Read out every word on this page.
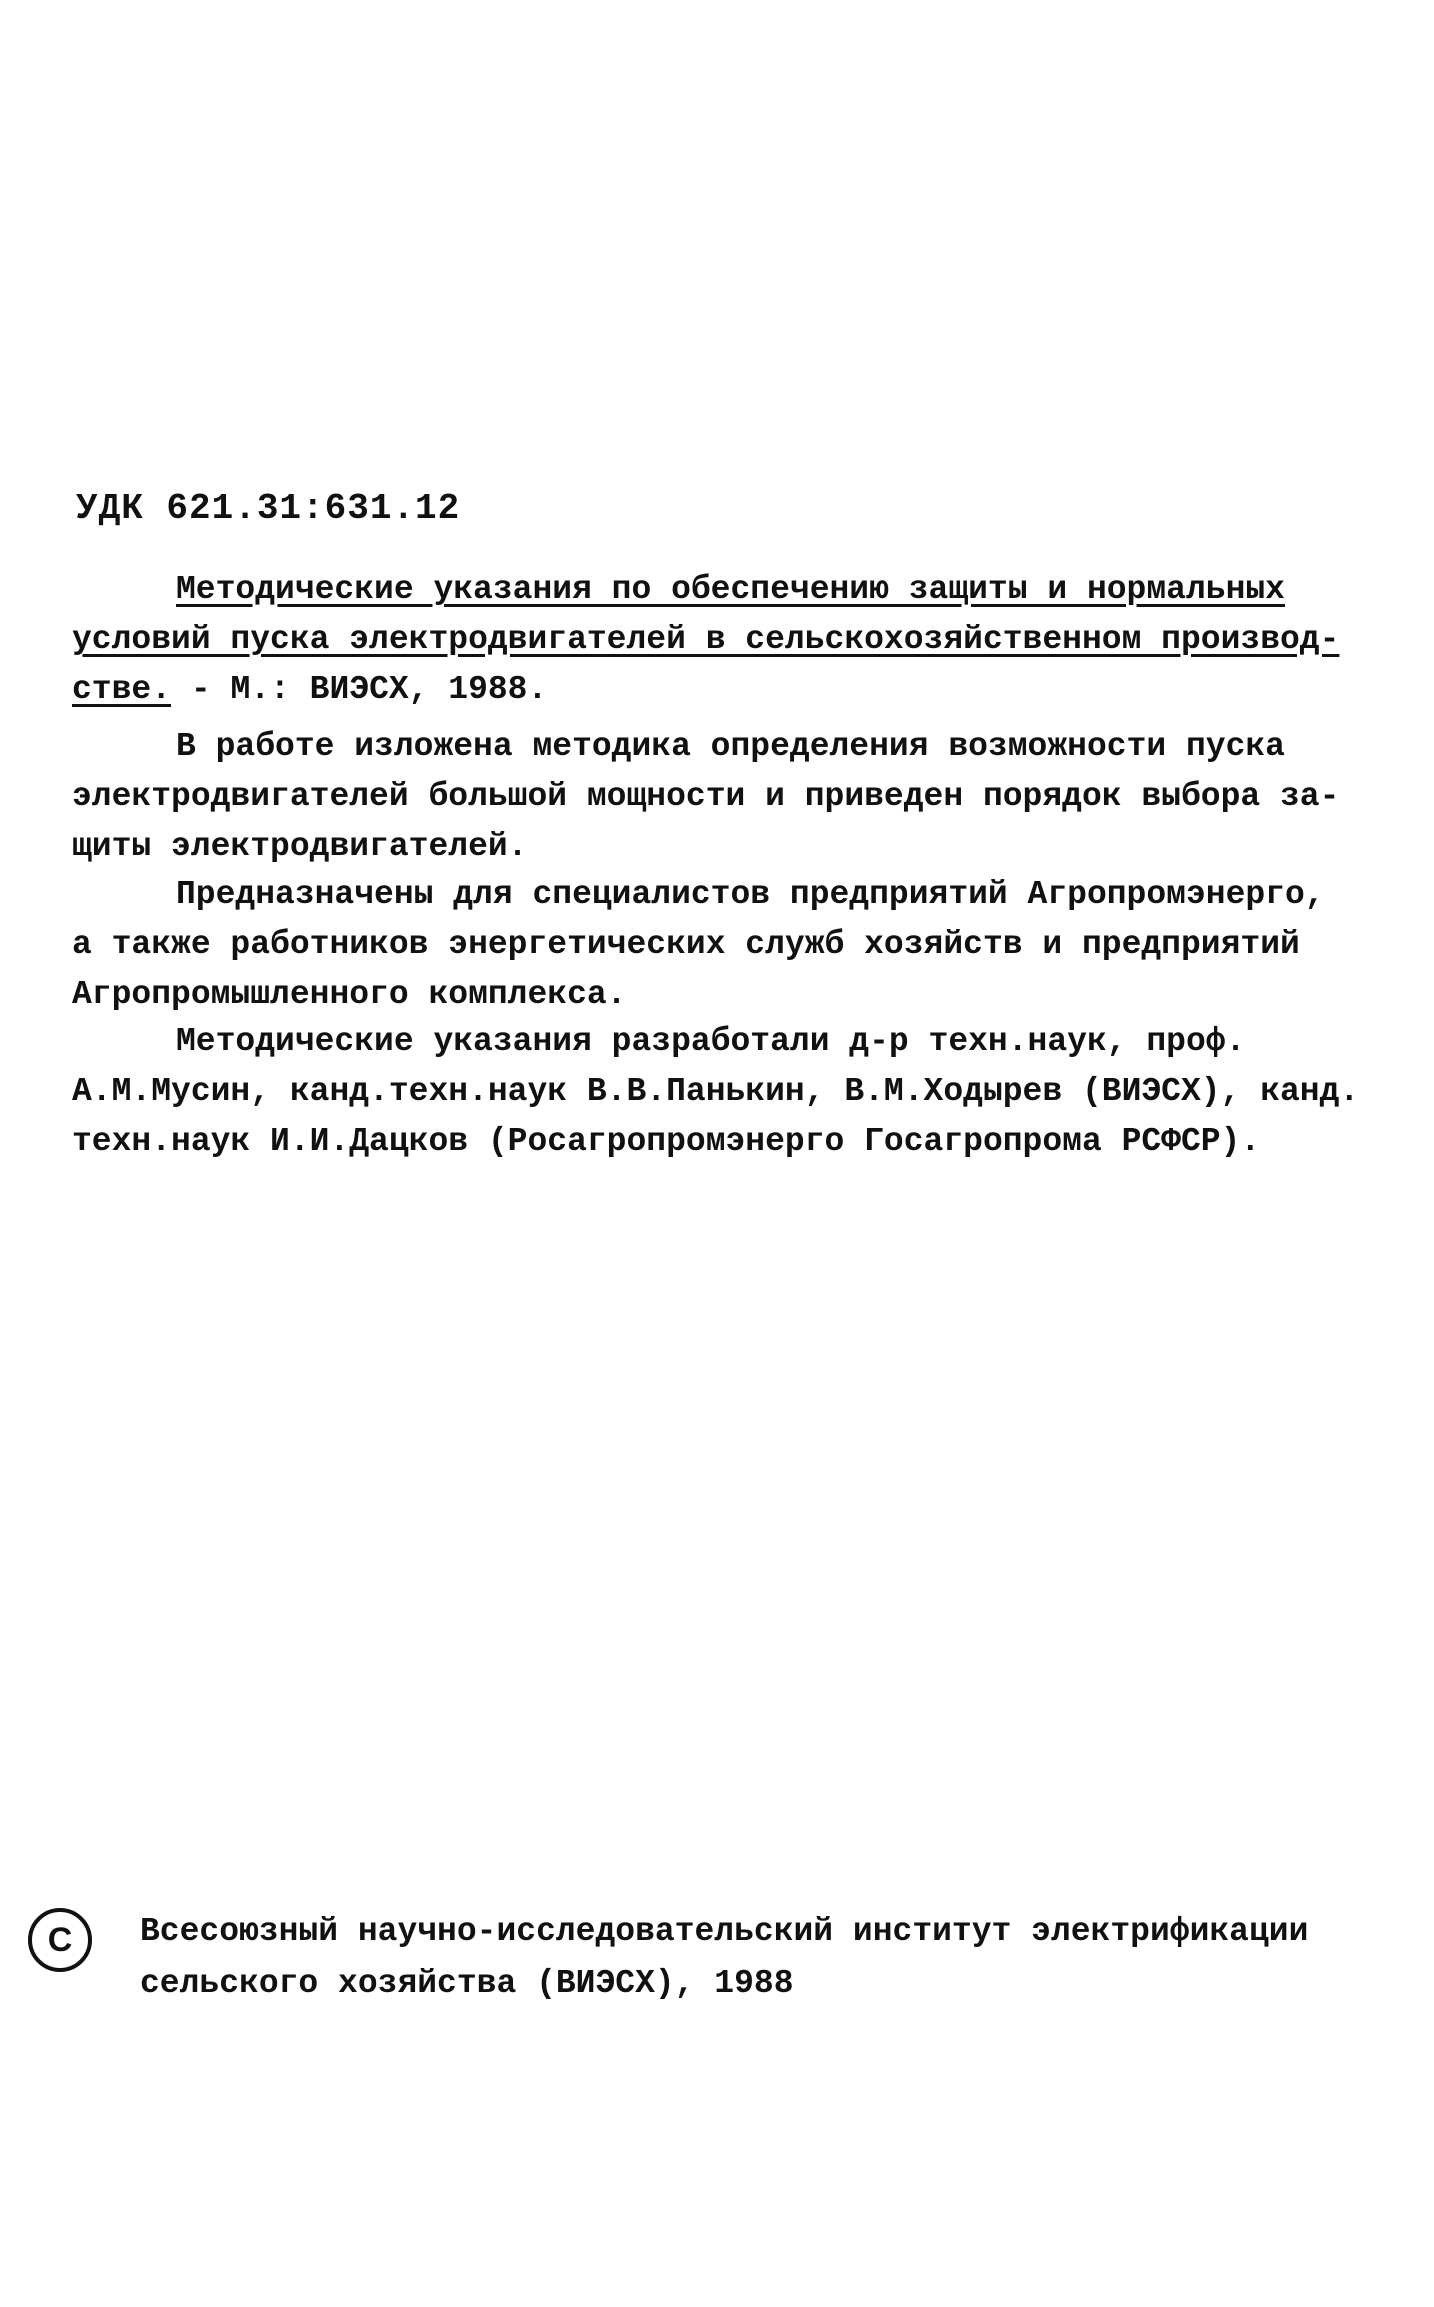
УДК 621.31:631.12
Методические указания по обеспечению защиты и нормальных
условий пуска электродвигателей в сельскохозяйственном производ-
стве. - М.: ВИЭСХ, 1988.
В работе изложена методика определения возможности пуска
электродвигателей большой мощности и приведен порядок выбора за-
щиты электродвигателей.
Предназначены для специалистов предприятий Агропромэнерго,
а также работников энергетических служб хозяйств и предприятий
Агропромышленного комплекса.
Методические указания разработали д-р техн.наук, проф.
А.М.Мусин, канд.техн.наук В.В.Панькин, В.М.Ходырев (ВИЭСХ), канд.
техн.наук И.И.Дацков (Росагропромэнерго Госагропрома РСФСР).
С Всесоюзный научно-исследовательский институт электрификации
сельского хозяйства (ВИЭСХ), 1988
